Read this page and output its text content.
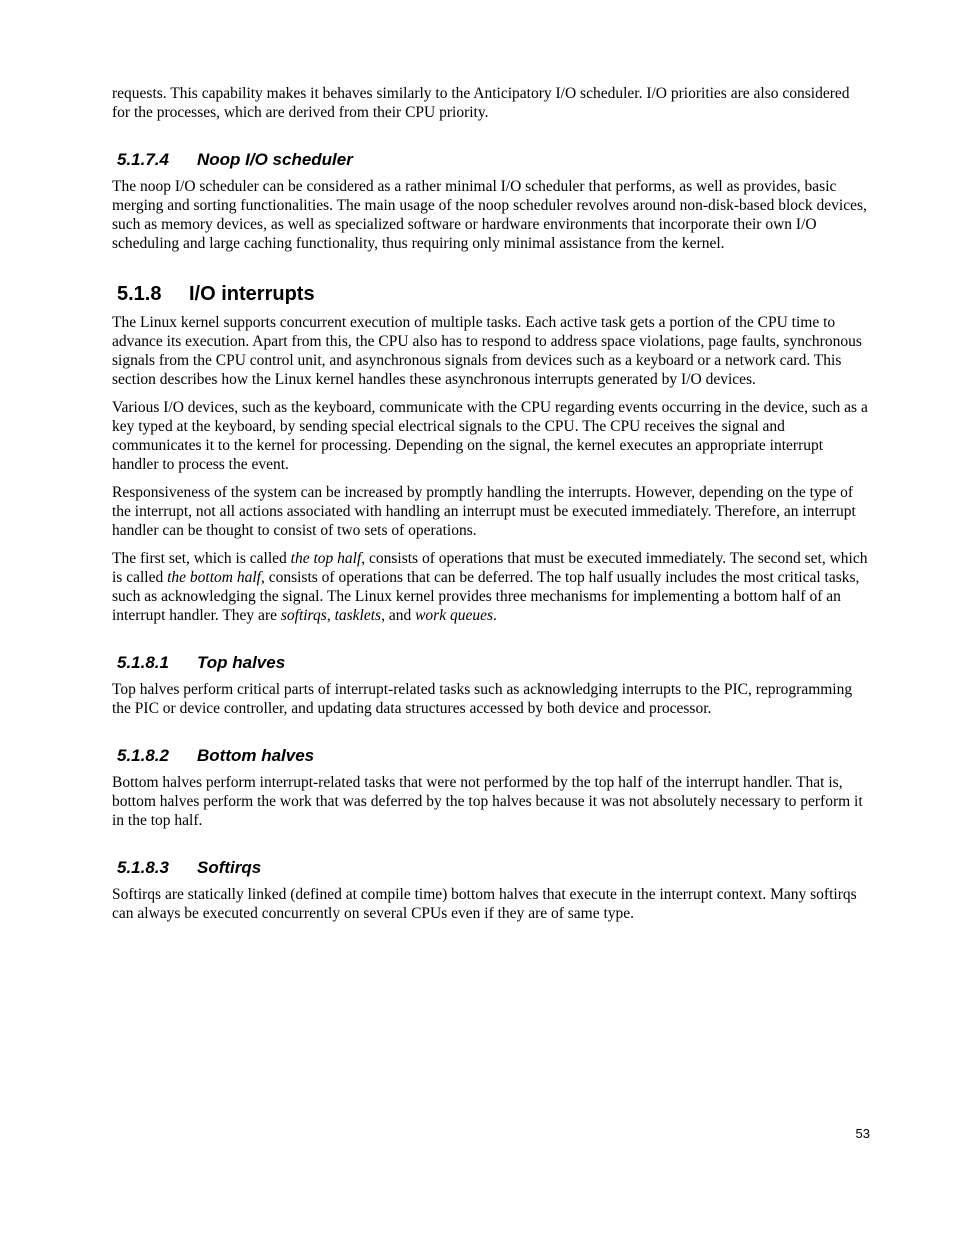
requests. This capability makes it behaves similarly to the Anticipatory I/O scheduler. I/O priorities are also considered for the processes, which are derived from their CPU priority.

5.1.7.4 Noop I/O scheduler

The noop I/O scheduler can be considered as a rather minimal I/O scheduler that performs, as well as provides, basic merging and sorting functionalities. The main usage of the noop scheduler revolves around non-disk-based block devices, such as memory devices, as well as specialized software or hardware environments that incorporate their own I/O scheduling and large caching functionality, thus requiring only minimal assistance from the kernel.

5.1.8 I/O interrupts

The Linux kernel supports concurrent execution of multiple tasks. Each active task gets a portion of the CPU time to advance its execution. Apart from this, the CPU also has to respond to address space violations, page faults, synchronous signals from the CPU control unit, and asynchronous signals from devices such as a keyboard or a network card. This section describes how the Linux kernel handles these asynchronous interrupts generated by I/O devices.

Various I/O devices, such as the keyboard, communicate with the CPU regarding events occurring in the device, such as a key typed at the keyboard, by sending special electrical signals to the CPU. The CPU receives the signal and communicates it to the kernel for processing. Depending on the signal, the kernel executes an appropriate interrupt handler to process the event.

Responsiveness of the system can be increased by promptly handling the interrupts. However, depending on the type of the interrupt, not all actions associated with handling an interrupt must be executed immediately. Therefore, an interrupt handler can be thought to consist of two sets of operations.

The first set, which is called the top half, consists of operations that must be executed immediately. The second set, which is called the bottom half, consists of operations that can be deferred. The top half usually includes the most critical tasks, such as acknowledging the signal. The Linux kernel provides three mechanisms for implementing a bottom half of an interrupt handler. They are softirqs, tasklets, and work queues.

5.1.8.1 Top halves

Top halves perform critical parts of interrupt-related tasks such as acknowledging interrupts to the PIC, reprogramming the PIC or device controller, and updating data structures accessed by both device and processor.

5.1.8.2 Bottom halves

Bottom halves perform interrupt-related tasks that were not performed by the top half of the interrupt handler. That is, bottom halves perform the work that was deferred by the top halves because it was not absolutely necessary to perform it in the top half.

5.1.8.3 Softirqs

Softirqs are statically linked (defined at compile time) bottom halves that execute in the interrupt context. Many softirqs can always be executed concurrently on several CPUs even if they are of same type.

53
